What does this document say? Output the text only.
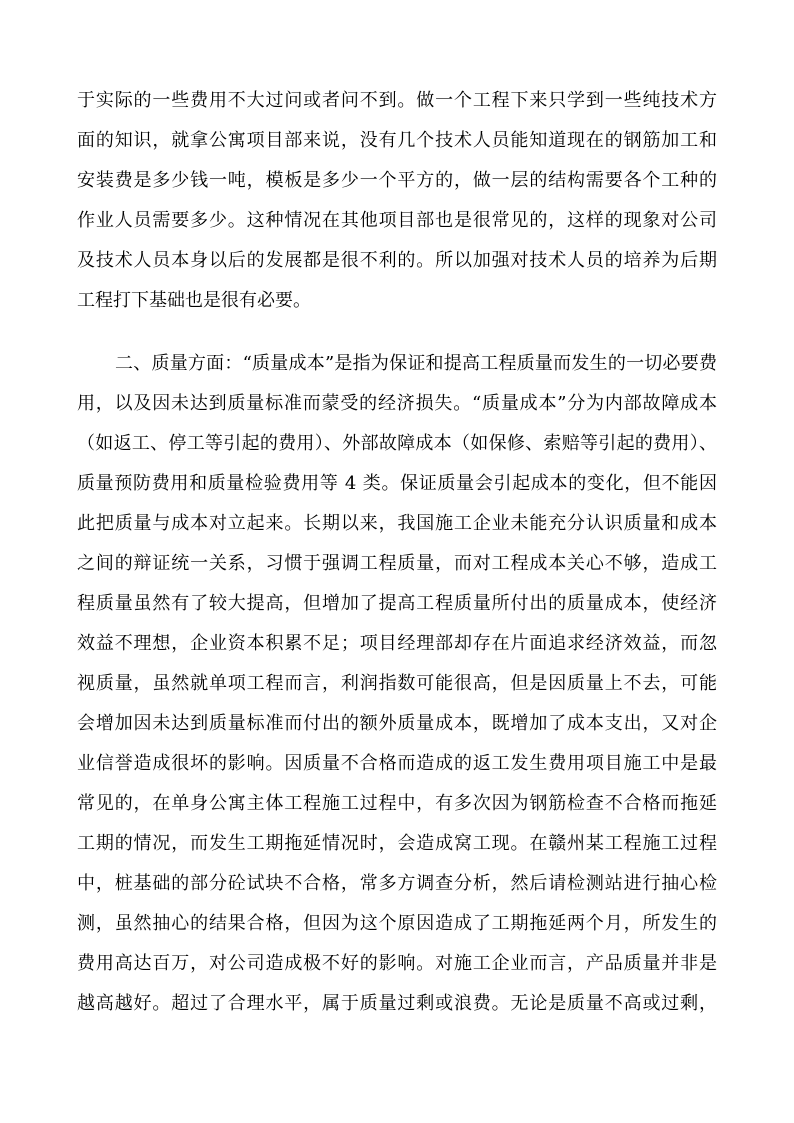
于实际的一些费用不大过问或者问不到。做一个工程下来只学到一些纯技术方

面的知识，就拿公寓项目部来说，没有几个技术人员能知道现在的钢筋加工和

安装费是多少钱一吨，模板是多少一个平方的，做一层的结构需要各个工种的

作业人员需要多少。这种情况在其他项目部也是很常见的，这样的现象对公司

及技术人员本身以后的发展都是很不利的。所以加强对技术人员的培养为后期

工程打下基础也是很有必要。

二、质量方面：“质量成本”是指为保证和提高工程质量而发生的一切必要费

用，以及因未达到质量标准而蒙受的经济损失。“质量成本”分为内部故障成本

（如返工、停工等引起的费用）、外部故障成本（如保修、索赔等引起的费用）、

质量预防费用和质量检验费用等 4 类。保证质量会引起成本的变化，但不能因

此把质量与成本对立起来。长期以来，我国施工企业未能充分认识质量和成本

之间的辩证统一关系，习惯于强调工程质量，而对工程成本关心不够，造成工

程质量虽然有了较大提高，但增加了提高工程质量所付出的质量成本，使经济

效益不理想，企业资本积累不足；项目经理部却存在片面追求经济效益，而忽

视质量，虽然就单项工程而言，利润指数可能很高，但是因质量上不去，可能

会增加因未达到质量标准而付出的额外质量成本，既增加了成本支出，又对企

业信誉造成很坏的影响。因质量不合格而造成的返工发生费用项目施工中是最

常见的，在单身公寓主体工程施工过程中，有多次因为钢筋检查不合格而拖延

工期的情况，而发生工期拖延情况时，会造成窝工现。在赣州某工程施工过程

中，桩基础的部分砼试块不合格，常多方调查分析，然后请检测站进行抽心检

测，虽然抽心的结果合格，但因为这个原因造成了工期拖延两个月，所发生的

费用高达百万，对公司造成极不好的影响。对施工企业而言，产品质量并非是

越高越好。超过了合理水平，属于质量过剩或浪费。无论是质量不高或过剩，
